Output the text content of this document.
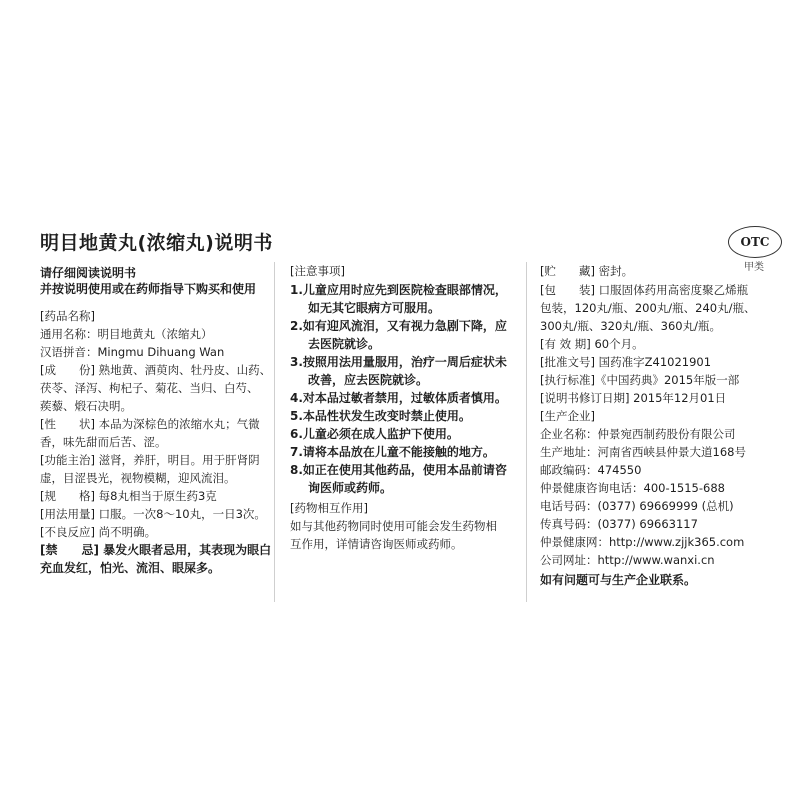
明目地黄丸(浓缩丸)说明书	OTC
甲类
请仔细阅读说明书
并按说明使用或在药师指导下购买和使用
[药品名称]
通用名称：明目地黄丸（浓缩丸）
汉语拼音：Mingmu Dihuang Wan
[成　　份] 熟地黄、酒萸肉、牡丹皮、山药、
茯苓、泽泻、枸杞子、菊花、当归、白芍、
蒺藜、煅石决明。
[性　　状] 本品为深棕色的浓缩水丸；气微
香，味先甜而后苦、涩。
[功能主治] 滋肾，养肝，明目。用于肝肾阴
虚，目涩畏光，视物模糊，迎风流泪。
[规　　格] 每8丸相当于原生药3克
[用法用量] 口服。一次8～10丸，一日3次。
[不良反应] 尚不明确。
[禁　　忌] 暴发火眼者忌用，其表现为眼白
充血发红，怕光、流泪、眼屎多。
[注意事项]
1.儿童应用时应先到医院检查眼部情况，
如无其它眼病方可服用。
2.如有迎风流泪，又有视力急剧下降，应
去医院就诊。
3.按照用法用量服用，治疗一周后症状未
改善，应去医院就诊。
4.对本品过敏者禁用，过敏体质者慎用。
5.本品性状发生改变时禁止使用。
6.儿童必须在成人监护下使用。
7.请将本品放在儿童不能接触的地方。
8.如正在使用其他药品，使用本品前请咨
询医师或药师。
[药物相互作用]
如与其他药物同时使用可能会发生药物相
互作用，详情请咨询医师或药师。
[贮　　藏] 密封。
[包　　装] 口服固体药用高密度聚乙烯瓶
包装，120丸/瓶、200丸/瓶、240丸/瓶、
300丸/瓶、320丸/瓶、360丸/瓶。
[有 效 期] 60个月。
[批准文号] 国药准字Z41021901
[执行标准]《中国药典》2015年版一部
[说明书修订日期] 2015年12月01日
[生产企业]
企业名称：仲景宛西制药股份有限公司
生产地址：河南省西峡县仲景大道168号
邮政编码：474550
仲景健康咨询电话：400-1515-688
电话号码：(0377) 69669999 (总机)
传真号码：(0377) 69663117
仲景健康网：http://www.zjjk365.com
公司网址：http://www.wanxi.cn
如有问题可与生产企业联系。
